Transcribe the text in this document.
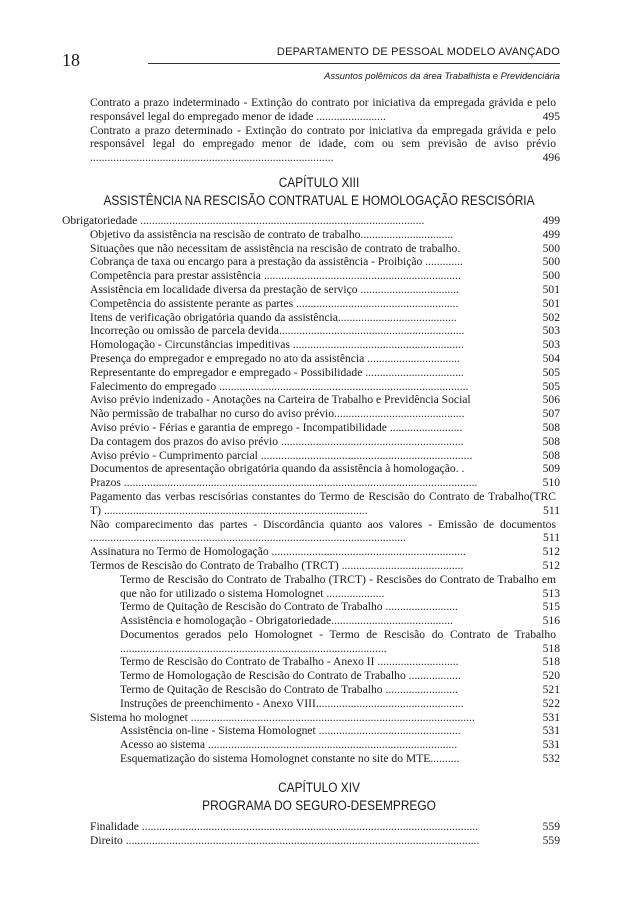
18	DEPARTAMENTO DE PESSOAL MODELO AVANÇADO
Assuntos polêmicos da área Trabalhista e Previdenciária
Contrato a prazo indeterminado - Extinção do contrato por iniciativa da empregada grávida e pelo responsável legal do empregado menor de idade ........................	495
Contrato a prazo determinado - Extinção do contrato por iniciativa da empregada grávida e pelo responsável legal do empregado menor de idade, com ou sem previsão de aviso prévio ....................................................................................	496
CAPÍTULO XIII
ASSISTÊNCIA NA RESCISÃO CONTRATUAL E HOMOLOGAÇÃO RESCISÓRIA
Obrigatoriedade ..................................................................................................	499
Objetivo da assistência na rescisão de contrato de trabalho................................	499
Situações que não necessitam de assistência na rescisão de contrato de trabalho.	500
Cobrança de taxa ou encargo para a prestação da assistência - Proibição .............	500
Competência para prestar assistência ....................................................................	500
Assistência em localidade diversa da prestação de serviço ..................................	501
Competência do assistente perante as partes ........................................................	501
Itens de verificação obrigatória quando da assistência.........................................	502
Incorreção ou omissão de parcela devida................................................................	503
Homologação - Circunstâncias impeditivas ...........................................................	503
Presença do empregador e empregado no ato da assistência ................................	504
Representante do empregador e empregado - Possibilidade ..................................	505
Falecimento do empregado ......................................................................................	505
Aviso prévio indenizado - Anotações na Carteira de Trabalho e Previdência Social	506
Não permissão de trabalhar no curso do aviso prévio.............................................	507
Aviso prévio - Férias e garantia de emprego - Incompatibilidade .........................	508
Da contagem dos prazos do aviso prévio ...............................................................	508
Aviso prévio - Cumprimento parcial .........................................................................	508
Documentos de apresentação obrigatória quando da assistência à homologação. .	509
Prazos ..........................................................................................................................	510
Pagamento das verbas rescisórias constantes do Termo de Rescisão do Contrato de Trabalho(TRC T) ...........................................................................................	511
Não comparecimento das partes - Discordância quanto aos valores - Emissão de documentos .............................................................................................................	511
Assinatura no Termo de Homologação ...................................................................	512
Termos de Rescisão do Contrato de Trabalho (TRCT) ..........................................	512
Termo de Rescisão do Contrato de Trabalho (TRCT) - Rescisões do Contrato de Trabalho em que não for utilizado o sistema Homolognet ....................	513
Termo de Quitação de Rescisão do Contrato de Trabalho .........................	515
Assistência e homologação - Obrigatoriedade..........................................	516
Documentos gerados pelo Homolognet - Termo de Rescisão do Contrato de Trabalho ............................................................................................	518
Termo de Rescisão do Contrato de Trabalho - Anexo II ............................	518
Termo de Homologação de Rescisão do Contrato de Trabalho ..................	520
Termo de Quitação de Rescisão do Contrato de Trabalho .........................	521
Instruções de preenchimento - Anexo VIII...................................................	522
Sistema ho molognet ..................................................................................................	531
Assistência on-line - Sistema Homolognet .................................................	531
Acesso ao sistema ......................................................................................	531
Esquematização do sistema Homolognet constante no site do MTE..........	532
CAPÍTULO XIV
PROGRAMA DO SEGURO-DESEMPREGO
Finalidade ....................................................................................................................	559
Direito ..........................................................................................................................	559
